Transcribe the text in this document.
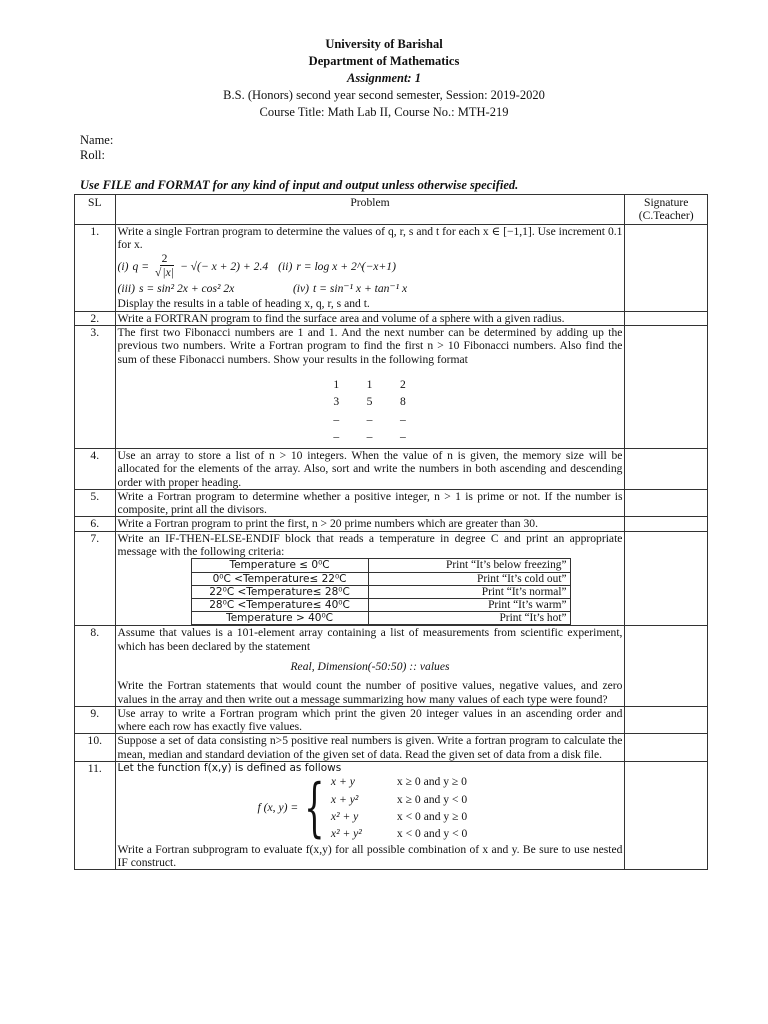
University of Barishal
Department of Mathematics
Assignment: 1
B.S. (Honors) second year second semester, Session: 2019-2020
Course Title: Math Lab II, Course No.: MTH-219
Name:
Roll:
Use FILE and FORMAT for any kind of input and output unless otherwise specified.
SL	Problem	Signature (C.Teacher)
1.	Write a single Fortran program to determine the values of q, r, s and t for each x ∈ [−1,1]. Use increment 0.1 for x.
(i) $q = \frac{2}{√|x|}$ − √(− x + 2) + 2.4 (ii) r = log x + 2^(−x+1)
(iii) s = sin² 2x + cos² 2x	(iv) t = sin⁻¹ x + tan⁻¹ x
Display the results in a table of heading x, q, r, s and t.

2.	Write a FORTRAN program to find the surface area and volume of a sphere with a given radius.	
3.	The first two Fibonacci numbers are 1 and 1. And the next number can be determined by adding up the previous two numbers. Write a Fortran program to find the first n > 10 Fibonacci numbers. Also find the sum of these Fibonacci numbers. Show your results in the following format
1	1	2
3	5	8
–	–	–
–	–	–

4.	Use an array to store a list of n > 10 integers. When the value of n is given, the memory size will be allocated for the elements of the array. Also, sort and write the numbers in both ascending and descending order with proper heading.	
5.	Write a Fortran program to determine whether a positive integer, n > 1 is prime or not. If the number is composite, print all the divisors.	
6.	Write a Fortran program to print the first, n > 20 prime numbers which are greater than 30.	
7.	Write an IF-THEN-ELSE-ENDIF block that reads a temperature in degree C and print an appropriate message with the following criteria:
Temperature ≤ 0⁰C	Print “It’s below freezing”
0⁰C <Temperature≤ 22⁰C	Print “It’s cold out”
22⁰C <Temperature≤ 28⁰C	Print “It’s normal”
28⁰C <Temperature≤ 40⁰C	Print “It’s warm”
Temperature > 40⁰C	Print “It’s hot”

8.	Assume that values is a 101-element array containing a list of measurements from scientific experiment, which has been declared by the statement
Real, Dimension(-50:50) :: values
Write the Fortran statements that would count the number of positive values, negative values, and zero values in the array and then write out a message summarizing how many values of each type were found?

9.	Use array to write a Fortran program which print the given 20 integer values in an ascending order and where each row has exactly five values.	
10.	Suppose a set of data consisting n>5 positive real numbers is given. Write a fortran program to calculate the mean, median and standard deviation of the given set of data. Read the given set of data from a disk file.	
11.	Let the function f(x,y) is defined as follows
f (x, y) = { x + y	x ≥ 0 and y ≥ 0
x + y²	x ≥ 0 and y < 0
x² + y	x < 0 and y ≥ 0
x² + y²	x < 0 and y < 0
Write a Fortran subprogram to evaluate f(x,y) for all possible combination of x and y. Be sure to use nested IF construct.
